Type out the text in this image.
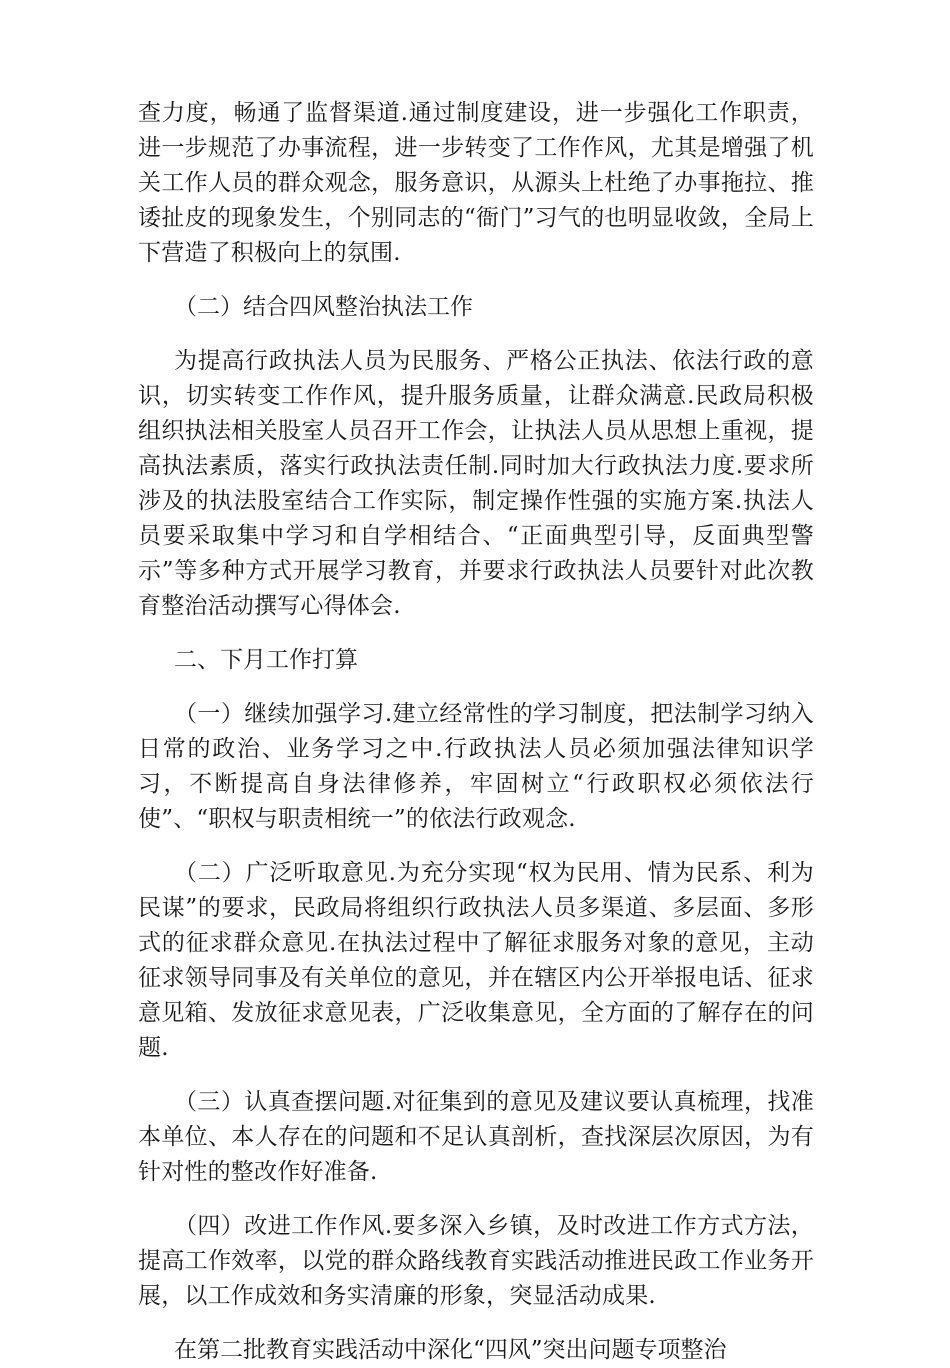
查力度，畅通了监督渠道.通过制度建设，进一步强化工作职责，进一步规范了办事流程，进一步转变了工作作风，尤其是增强了机关工作人员的群众观念，服务意识，从源头上杜绝了办事拖拉、推诿扯皮的现象发生，个别同志的“衙门”习气的也明显收敛，全局上下营造了积极向上的氛围.

（二）结合四风整治执法工作

为提高行政执法人员为民服务、严格公正执法、依法行政的意识，切实转变工作作风，提升服务质量，让群众满意.民政局积极组织执法相关股室人员召开工作会，让执法人员从思想上重视，提高执法素质，落实行政执法责任制.同时加大行政执法力度.要求所涉及的执法股室结合工作实际，制定操作性强的实施方案.执法人员要采取集中学习和自学相结合、“正面典型引导，反面典型警示”等多种方式开展学习教育，并要求行政执法人员要针对此次教育整治活动撰写心得体会.

二、下月工作打算

（一）继续加强学习.建立经常性的学习制度，把法制学习纳入日常的政治、业务学习之中.行政执法人员必须加强法律知识学习，不断提高自身法律修养，牢固树立“行政职权必须依法行使”、“职权与职责相统一”的依法行政观念.

（二）广泛听取意见.为充分实现“权为民用、情为民系、利为民谋”的要求，民政局将组织行政执法人员多渠道、多层面、多形式的征求群众意见.在执法过程中了解征求服务对象的意见，主动征求领导同事及有关单位的意见，并在辖区内公开举报电话、征求意见箱、发放征求意见表，广泛收集意见，全方面的了解存在的问题.

（三）认真查摆问题.对征集到的意见及建议要认真梳理，找准本单位、本人存在的问题和不足认真剖析，查找深层次原因，为有针对性的整改作好准备.

（四）改进工作作风.要多深入乡镇，及时改进工作方式方法，提高工作效率，以党的群众路线教育实践活动推进民政工作业务开展，以工作成效和务实清廉的形象，突显活动成果.

在第二批教育实践活动中深化“四风”突出问题专项整治
